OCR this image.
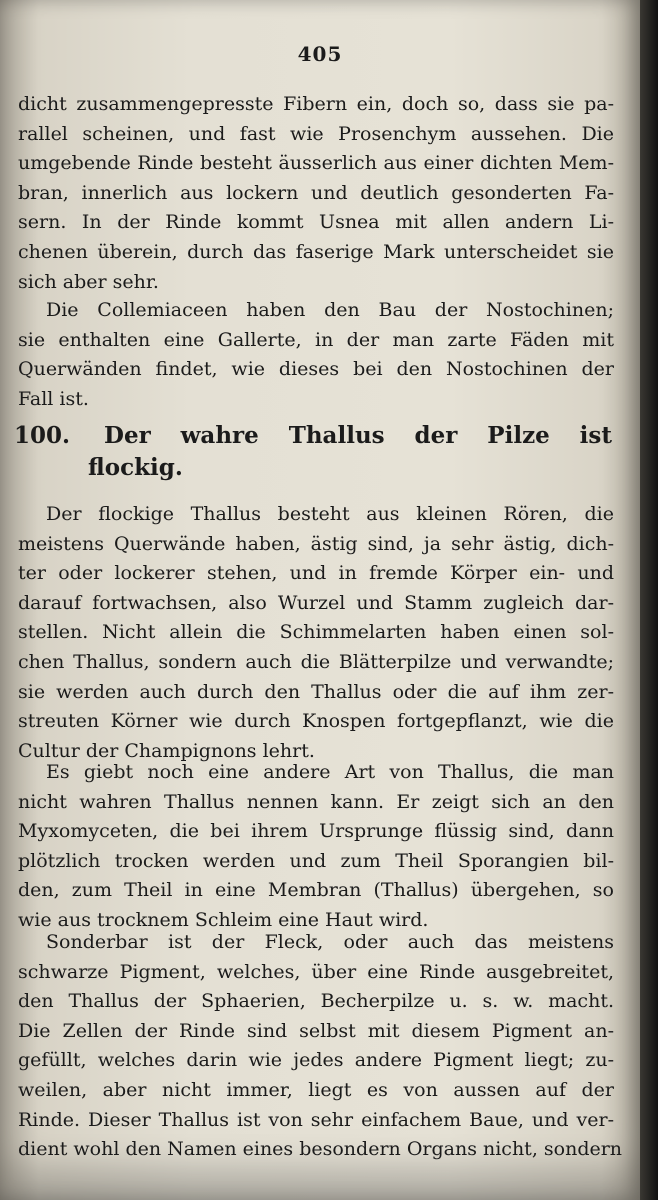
405
dicht zusammengepresste Fibern ein, doch so, dass sie pa-
rallel scheinen, und fast wie Prosenchym aussehen. Die
umgebende Rinde besteht äusserlich aus einer dichten Mem-
bran, innerlich aus lockern und deutlich gesonderten Fa-
sern. In der Rinde kommt Usnea mit allen andern Li-
chenen überein, durch das faserige Mark unterscheidet sie
sich aber sehr.
Die Collemiaceen haben den Bau der Nostochinen;
sie enthalten eine Gallerte, in der man zarte Fäden mit
Querwänden findet, wie dieses bei den Nostochinen der
Fall ist.
100. Der wahre Thallus der Pilze ist
flockig.
Der flockige Thallus besteht aus kleinen Rören, die
meistens Querwände haben, ästig sind, ja sehr ästig, dich-
ter oder lockerer stehen, und in fremde Körper ein- und
darauf fortwachsen, also Wurzel und Stamm zugleich dar-
stellen. Nicht allein die Schimmelarten haben einen sol-
chen Thallus, sondern auch die Blätterpilze und verwandte;
sie werden auch durch den Thallus oder die auf ihm zer-
streuten Körner wie durch Knospen fortgepflanzt, wie die
Cultur der Champignons lehrt.
Es giebt noch eine andere Art von Thallus, die man
nicht wahren Thallus nennen kann. Er zeigt sich an den
Myxomyceten, die bei ihrem Ursprunge flüssig sind, dann
plötzlich trocken werden und zum Theil Sporangien bil-
den, zum Theil in eine Membran (Thallus) übergehen, so
wie aus trocknem Schleim eine Haut wird.
Sonderbar ist der Fleck, oder auch das meistens
schwarze Pigment, welches, über eine Rinde ausgebreitet,
den Thallus der Sphaerien, Becherpilze u. s. w. macht.
Die Zellen der Rinde sind selbst mit diesem Pigment an-
gefüllt, welches darin wie jedes andere Pigment liegt; zu-
weilen, aber nicht immer, liegt es von aussen auf der
Rinde. Dieser Thallus ist von sehr einfachem Baue, und ver-
dient wohl den Namen eines besondern Organs nicht, sondern
